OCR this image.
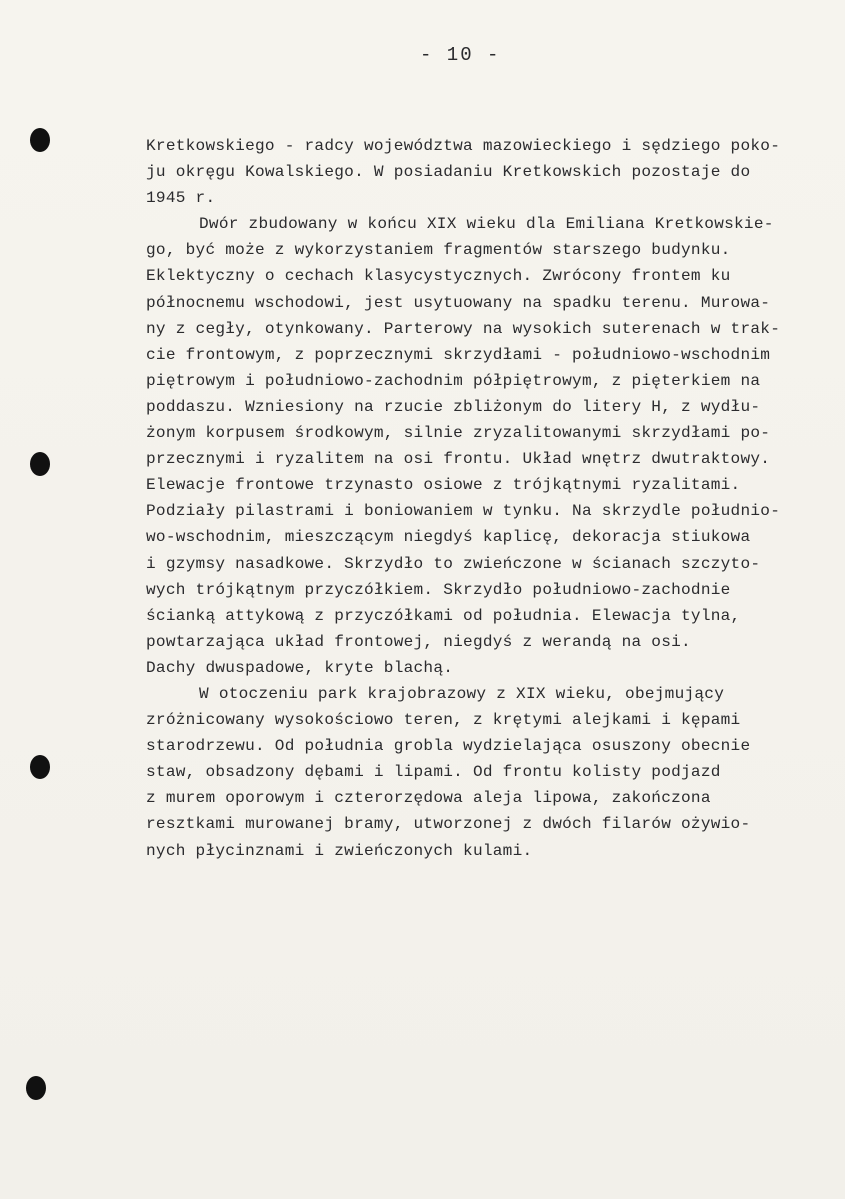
- 10 -
Kretkowskiego - radcy województwa mazowieckiego i sędziego poko-
ju okręgu Kowalskiego. W posiadaniu Kretkowskich pozostaje do
1945 r.
Dwór zbudowany w końcu XIX wieku dla Emiliana Kretkowskie-
go, być może z wykorzystaniem fragmentów starszego budynku.
Eklektyczny o cechach klasycystycznych. Zwrócony frontem ku
północnemu wschodowi, jest usytuowany na spadku terenu. Murowa-
ny z cegły, otynkowany. Parterowy na wysokich suterenach w trak-
cie frontowym, z poprzecznymi skrzydłami - południowo-wschodnim
piętrowym i południowo-zachodnim półpiętrowym, z pięterkiem na
poddaszu. Wzniesiony na rzucie zbliżonym do litery H, z wydłu-
żonym korpusem środkowym, silnie zryzalitowanymi skrzydłami po-
przecznymi i ryzalitem na osi frontu. Układ wnętrz dwutraktowy.
Elewacje frontowe trzynasto osiowe z trójkątnymi ryzalitami.
Podziały pilastrami i boniowaniem w tynku. Na skrzydle południo-
wo-wschodnim, mieszczącym niegdyś kaplicę, dekoracja stiukowa
i gzymsy nasadkowe. Skrzydło to zwieńczone w ścianach szczyto-
wych trójkątnym przyczółkiem. Skrzydło południowo-zachodnie
ścianką attykową z przyczółkami od południa. Elewacja tylna,
powtarzająca układ frontowej, niegdyś z werandą na osi.
Dachy dwuspadowe, kryte blachą.
W otoczeniu park krajobrazowy z XIX wieku, obejmujący
zróżnicowany wysokościowo teren, z krętymi alejkami i kępami
starodrzewu. Od południa grobla wydzielająca osuszony obecnie
staw, obsadzony dębami i lipami. Od frontu kolisty podjazd
z murem oporowym i czterorzędowa aleja lipowa, zakończona
resztkami murowanej bramy, utworzonej z dwóch filarów ożywio-
nych płycinznami i zwieńczonych kulami.
